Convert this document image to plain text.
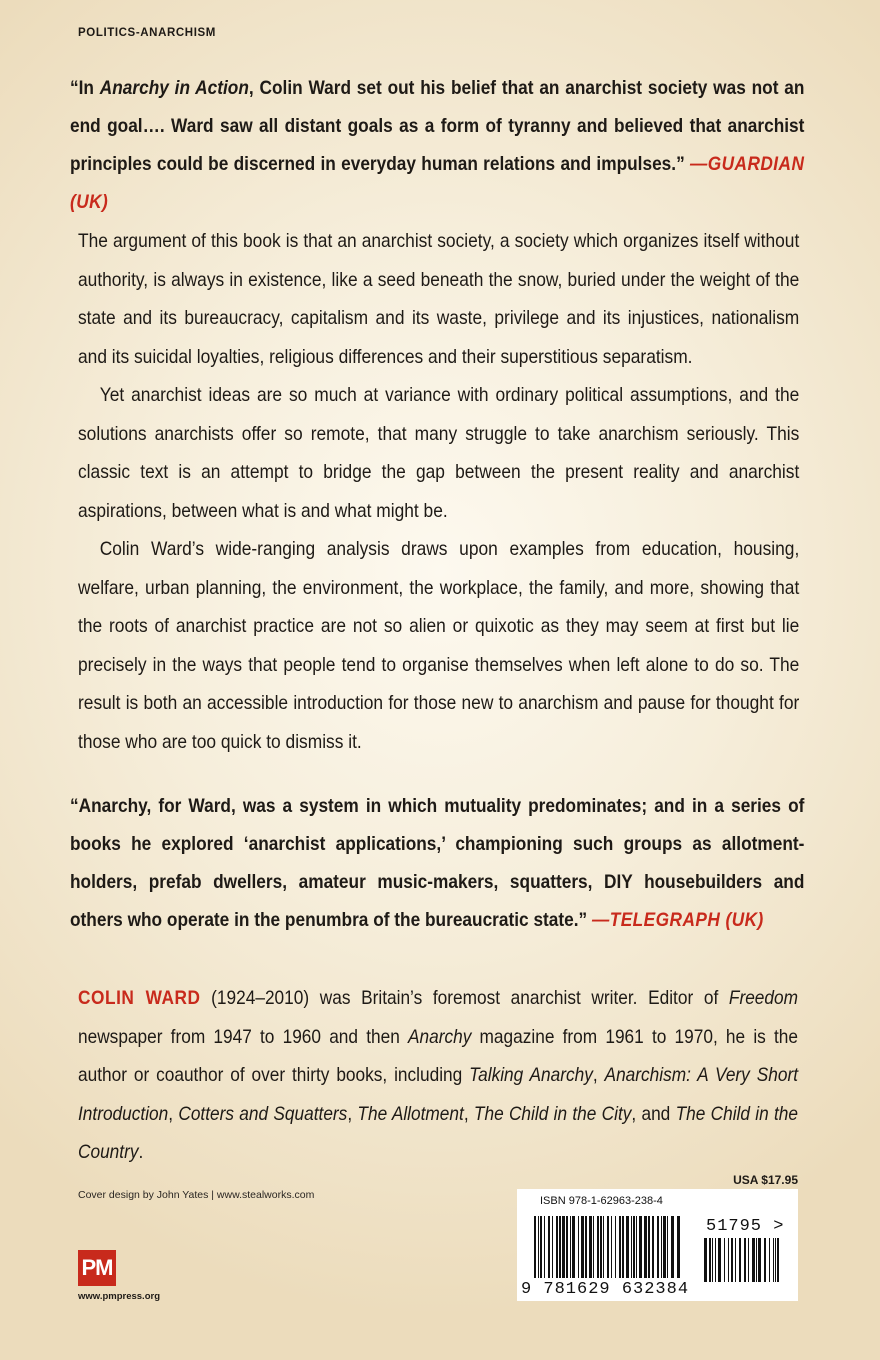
POLITICS-ANARCHISM
“In Anarchy in Action, Colin Ward set out his belief that an anarchist society was not an end goal…. Ward saw all distant goals as a form of tyranny and believed that anarchist principles could be discerned in everyday human relations and impulses.” —GUARDIAN (UK)

The argument of this book is that an anarchist society, a society which organizes itself without authority, is always in existence, like a seed beneath the snow, buried under the weight of the state and its bureaucracy, capitalism and its waste, privilege and its injustices, nationalism and its suicidal loyalties, religious differences and their superstitious separatism.

Yet anarchist ideas are so much at variance with ordinary political assumptions, and the solutions anarchists offer so remote, that many struggle to take anarchism seriously. This classic text is an attempt to bridge the gap between the present reality and anarchist aspirations, between what is and what might be.

Colin Ward’s wide-ranging analysis draws upon examples from education, housing, welfare, urban planning, the environment, the workplace, the family, and more, showing that the roots of anarchist practice are not so alien or quixotic as they may seem at first but lie precisely in the ways that people tend to organise themselves when left alone to do so. The result is both an accessible introduction for those new to anarchism and pause for thought for those who are too quick to dismiss it.

“Anarchy, for Ward, was a system in which mutuality predominates; and in a series of books he explored ‘anarchist applications,’ championing such groups as allotment-holders, prefab dwellers, amateur music-makers, squatters, DIY housebuilders and others who operate in the penumbra of the bureaucratic state.” —TELEGRAPH (UK)
COLIN WARD (1924–2010) was Britain’s foremost anarchist writer. Editor of Freedom newspaper from 1947 to 1960 and then Anarchy magazine from 1961 to 1970, he is the author or coauthor of over thirty books, including Talking Anarchy, Anarchism: A Very Short Introduction, Cotters and Squatters, The Allotment, The Child in the City, and The Child in the Country.
Cover design by John Yates | www.stealworks.com
USA $17.95
PM
www.pmpress.org
ISBN 978-1-62963-238-4
9 781629 632384
51795 >
